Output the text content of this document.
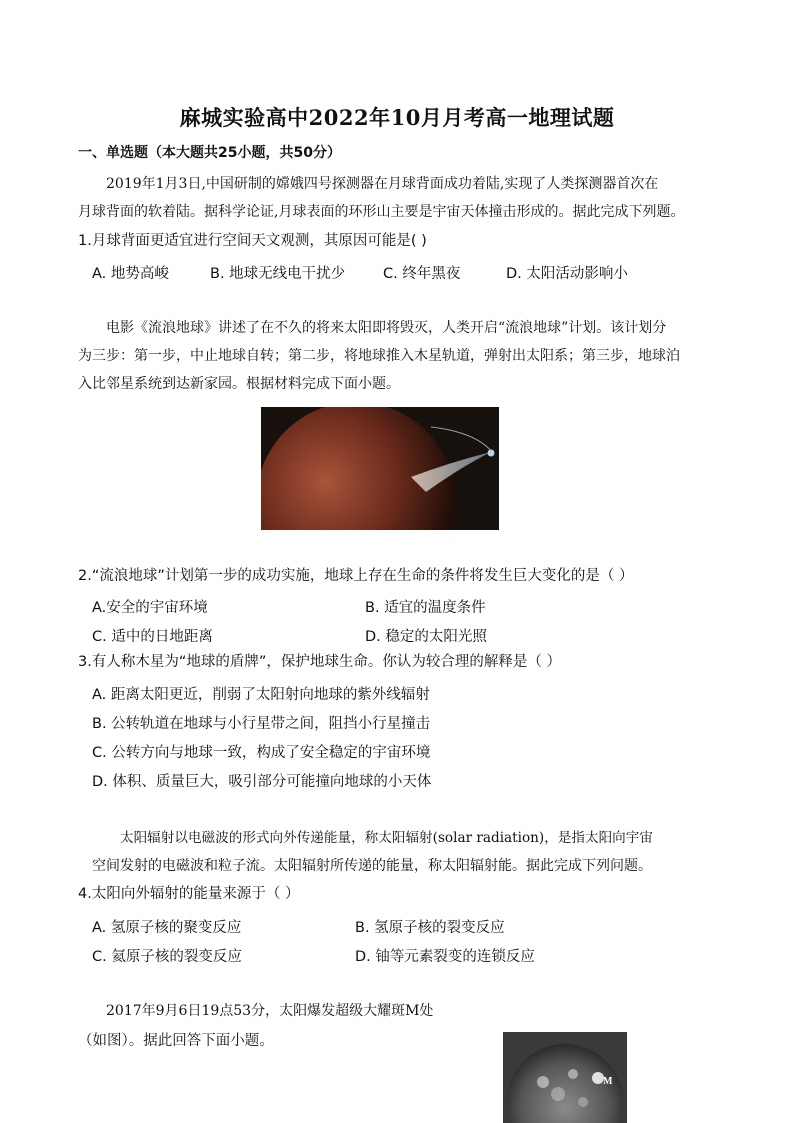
麻城实验高中2022年10月月考高一地理试题
一、单选题（本大题共25小题，共50分）
2019年1月3日,中国研制的嫦娥四号探测器在月球背面成功着陆,实现了人类探测器首次在
月球背面的软着陆。据科学论证,月球表面的环形山主要是宇宙天体撞击形成的。据此完成下列题。
1.月球背面更适宜进行空间天文观测，其原因可能是( )
A. 地势高峻	B. 地球无线电干扰少	C. 终年黑夜	D. 太阳活动影响小
电影《流浪地球》讲述了在不久的将来太阳即将毁灭，人类开启“流浪地球”计划。该计划分
为三步：第一步，中止地球自转；第二步，将地球推入木星轨道，弹射出太阳系；第三步，地球泊
入比邻星系统到达新家园。根据材料完成下面小题。
2.“流浪地球”计划第一步的成功实施，地球上存在生命的条件将发生巨大变化的是（ ）
A.安全的宇宙环境	B. 适宜的温度条件
C. 适中的日地距离	D. 稳定的太阳光照
3.有人称木星为“地球的盾牌”，保护地球生命。你认为较合理的解释是（ ）
A. 距离太阳更近，削弱了太阳射向地球的紫外线辐射
B. 公转轨道在地球与小行星带之间，阻挡小行星撞击
C. 公转方向与地球一致，构成了安全稳定的宇宙环境
D. 体积、质量巨大，吸引部分可能撞向地球的小天体
太阳辐射以电磁波的形式向外传递能量，称太阳辐射(solar radiation)，是指太阳向宇宙
空间发射的电磁波和粒子流。太阳辐射所传递的能量，称太阳辐射能。据此完成下列问题。
4.太阳向外辐射的能量来源于（ ）
A. 氢原子核的聚变反应	B. 氢原子核的裂变反应
C. 氦原子核的裂变反应	D. 铀等元素裂变的连锁反应
2017年9月6日19点53分，太阳爆发超级大耀斑M处
（如图）。据此回答下面小题。
M
